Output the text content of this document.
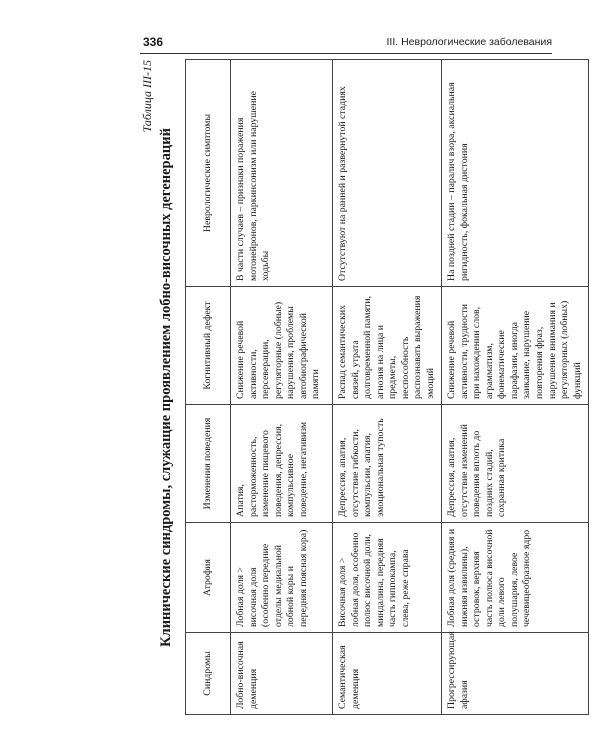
336	III. Неврологические заболевания
Таблица III-15
Клинические синдромы, служащие проявлением лобно-височных дегенераций
Синдромы	Атрофия	Изменения поведения	Когнитивный дефект	Неврологические симптомы
Лобно-височная деменция	Лобная доля > височная доля (особенно передние отделы медиальной лобной коры и передняя поясная кора)	Апатия, расторможенность, изменение пищевого поведения, депрессия, компульсивное поведение, негативизм	Снижение речевой активности, персеверации, регуляторные (лобные) нарушения, проблемы автобиографической памяти	В части случаев – признаки поражения мотонейронов, паркинсонизм или нарушение ходьбы
Семантическая деменция	Височная доля > лобная доля, особенно полюс височной доли, миндалина, передняя часть гиппокампа, слева, реже справа	Депрессия, апатия, отсутствие гибкости, компульсии, апатия, эмоциональная тупость	Распад семантических связей, утрата долговременной памяти, агнозия на лица и предметы, неспособность распознавать выражения эмоций	Отсутствуют на ранней и развернутой стадиях
Прогрессирующая афазия	Лобная доля (средняя и нижняя извилины), островок, верхняя часть полюса височной доли левого полушария, левое чечевицеобразное ядро	Депрессия, апатия, отсутствие изменений поведения вплоть до поздних стадий, сохранная критика	Снижение речевой активности, трудности при нахождении слов, аграмматизм, фонематические парафазии, иногда заикание, нарушение повторения фраз, нарушение внимания и регуляторных (лобных) функций	На поздней стадии – паралич взора, аксиальная ригидность, фокальная дистония
